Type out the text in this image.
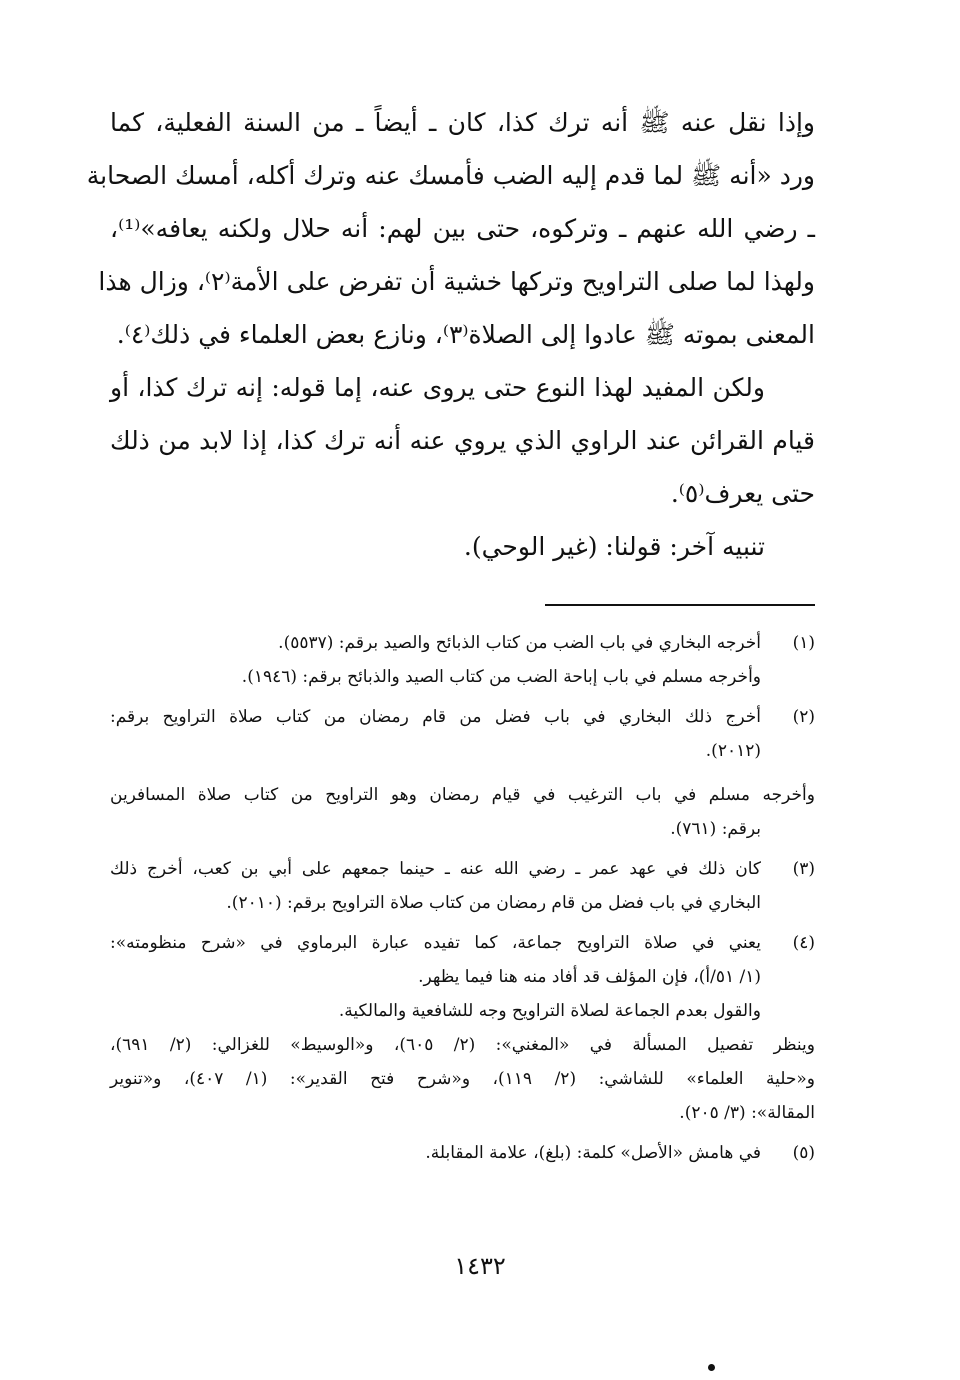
وإذا نقل عنه ﷺ أنه ترك كذا، كان ـ أيضاً ـ من السنة الفعلية، كما
ورد «أنه ﷺ لما قدم إليه الضب فأمسك عنه وترك أكله، أمسك الصحابة
ـ رضي الله عنهم ـ وتركوه، حتى بين لهم: أنه حلال ولكنه يعافه»⁽¹⁾،
ولهذا لما صلى التراويح وتركها خشية أن تفرض على الأمة⁽٢⁾، وزال هذا
المعنى بموته ﷺ عادوا إلى الصلاة⁽٣⁾، ونازع بعض العلماء في ذلك⁽٤⁾.
ولكن المفيد لهذا النوع حتى يروى عنه، إما قوله: إنه ترك كذا، أو
قيام القرائن عند الراوي الذي يروي عنه أنه ترك كذا، إذا لابد من ذلك
حتى يعرف⁽٥⁾.
تنبيه آخر: قولنا: (غير الوحي).
(١)
أخرجه البخاري في باب الضب من كتاب الذبائح والصيد برقم: (٥٥٣٧).
وأخرجه مسلم في باب إباحة الضب من كتاب الصيد والذبائح برقم: (١٩٤٦).
(٢)
أخرج ذلك البخاري في باب فضل من قام رمضان من كتاب صلاة التراويح برقم:
(٢٠١٢).
وأخرجه مسلم في باب الترغيب في قيام رمضان وهو التراويح من كتاب صلاة المسافرين
برقم: (٧٦١).
(٣)
كان ذلك في عهد عمر ـ رضي الله عنه ـ حينما جمعهم على أبي بن كعب، أخرج ذلك
البخاري في باب فضل من قام رمضان من كتاب صلاة التراويح برقم: (٢٠١٠).
(٤)
يعني في صلاة التراويح جماعة، كما تفيده عبارة البرماوي في «شرح منظومته»:
(١/ ٥١/أ)، فإن المؤلف قد أفاد منه هنا فيما يظهر.
والقول بعدم الجماعة لصلاة التراويح وجه للشافعية والمالكية.
وينظر تفصيل المسألة في «المغني»: (٢/ ٦٠٥)، و«الوسيط» للغزالي: (٢/ ٦٩١)،
و«حلية العلماء» للشاشي: (٢/ ١١٩)، و«شرح فتح القدير»: (١/ ٤٠٧)، و«تنوير
المقالة»: (٣/ ٢٠٥).
(٥)
في هامش «الأصل» كلمة: (بلغ)، علامة المقابلة.
١٤٣٢
